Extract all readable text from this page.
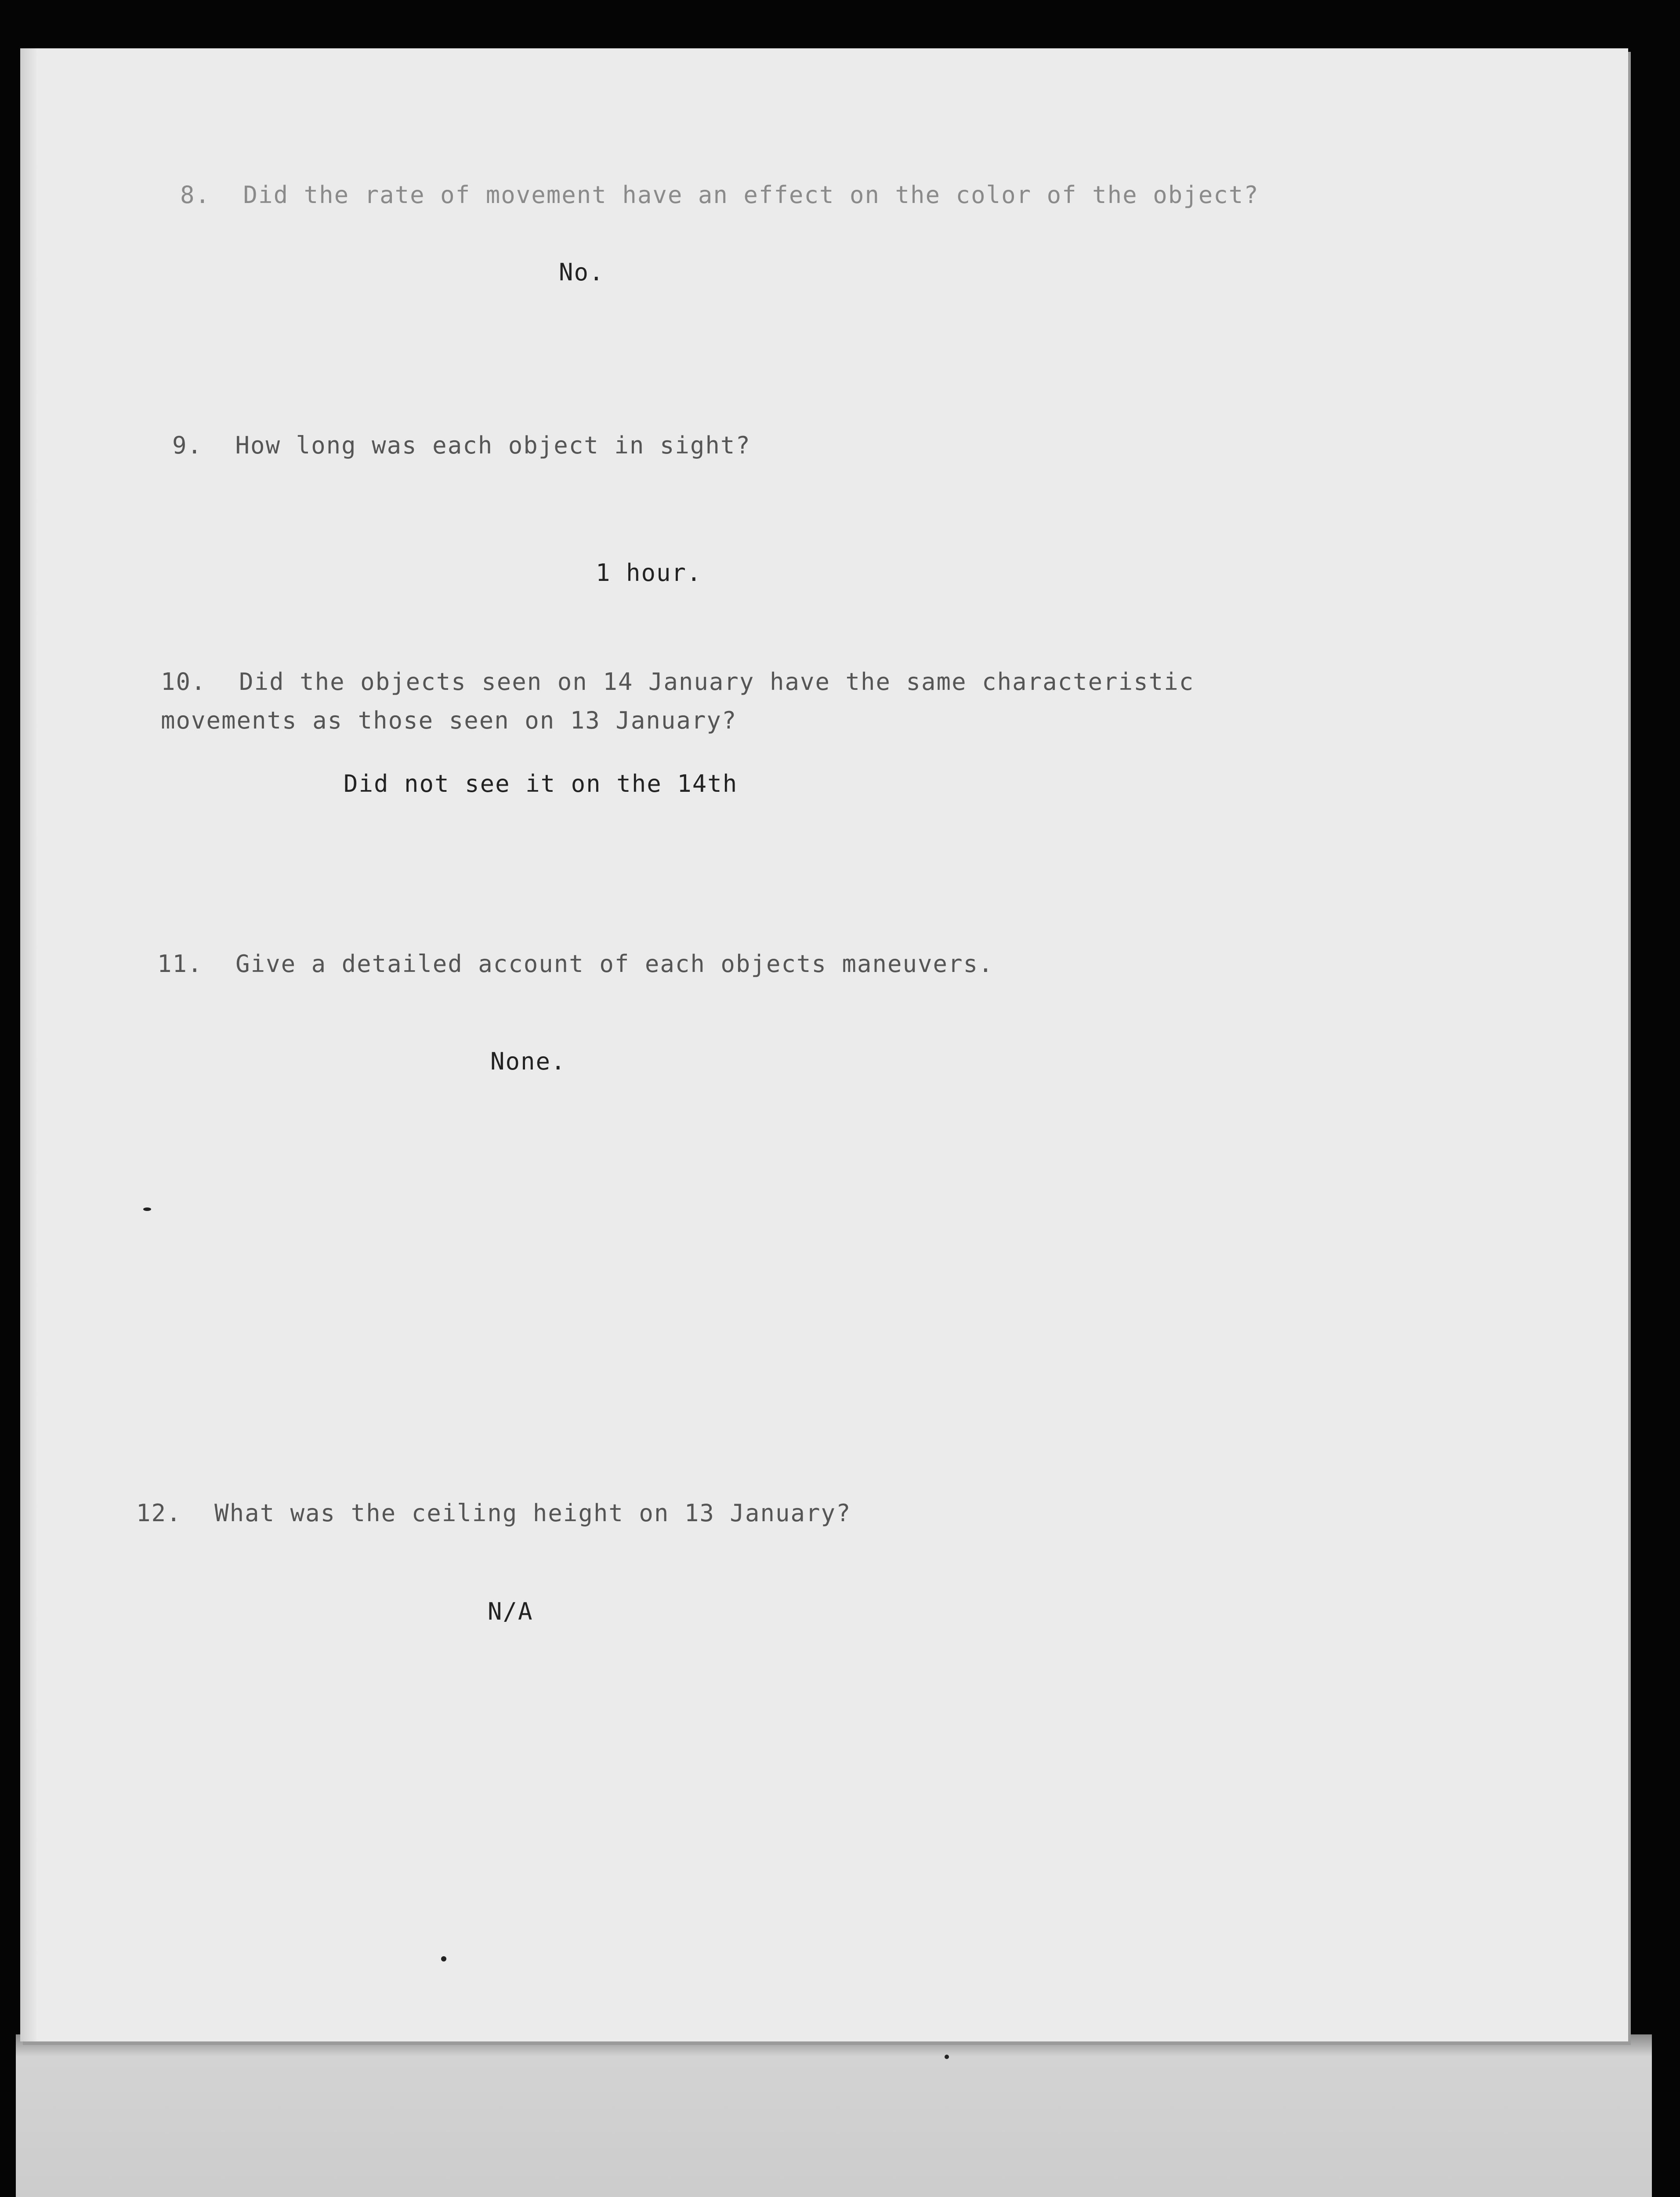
8. Did the rate of movement have an effect on the color of the object?
No.
9. How long was each object in sight?
1 hour.
10. Did the objects seen on 14 January have the same characteristic
movements as those seen on 13 January?
Did not see it on the 14th
11. Give a detailed account of each objects maneuvers.
None.
12. What was the ceiling height on 13 January?
N/A
